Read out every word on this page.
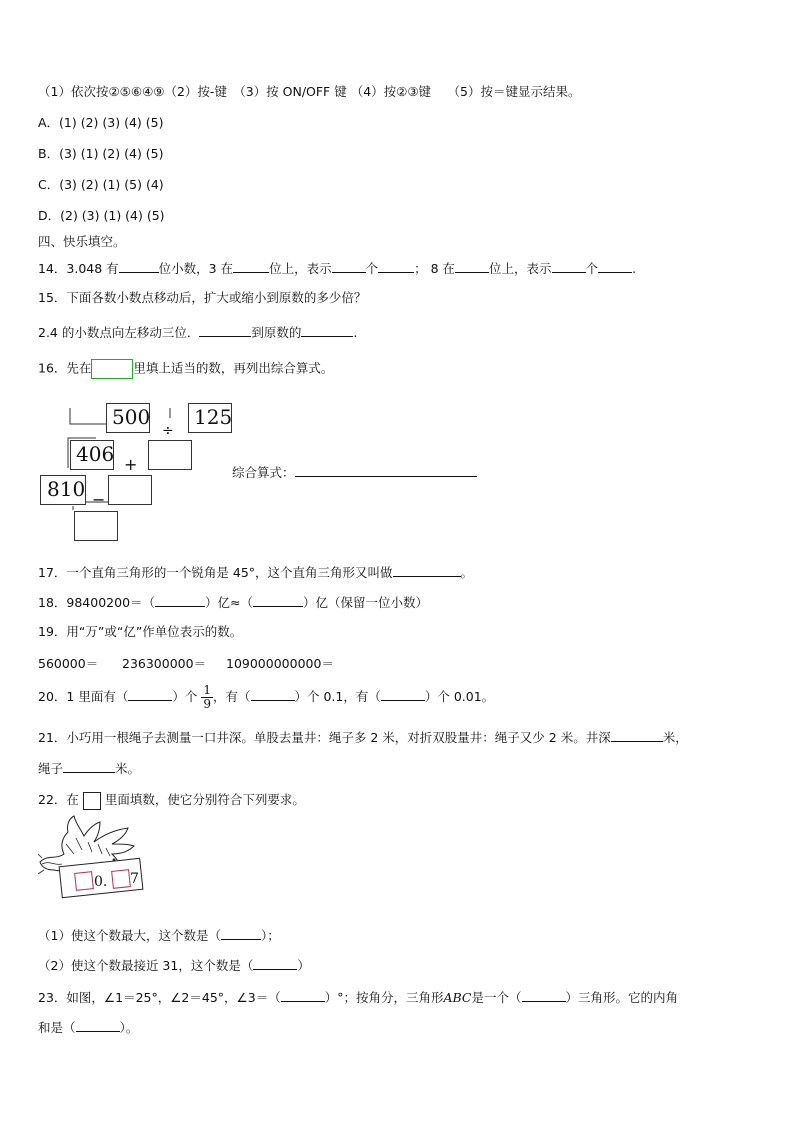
（1）依次按②⑤⑥④⑨（2）按-键　（3）按 ON/OFF 键 （4）按②③键　 （5）按＝键显示结果。
A．(1) (2) (3) (4) (5)
B．(3) (1) (2) (4) (5)
C．(3) (2) (1) (5) (4)
D．(2) (3) (1) (4) (5)
四、快乐填空。
14．3.048 有	位小数，3 在	位上，表示	个	； 8 在	位上，表示	个	.
15．下面各数小数点移动后，扩大或缩小到原数的多少倍？
2.4 的小数点向左移动三位．	到原数的	.
16．先在	里填上适当的数，再列出综合算式。
500
÷
125
406 +
810 −
综合算式：
17．一个直角三角形的一个锐角是 45°，这个直角三角形又叫做	。
18．98400200＝（	）亿≈（	）亿（保留一位小数）
19．用“万”或“亿”作单位表示的数。
560000＝ 236300000＝ 109000000000＝
20．1 里面有（	）个 $\frac{1}{9}$ ，有（	）个 0.1，有（	）个 0.01。
21．小巧用一根绳子去测量一口井深。单股去量井：绳子多 2 米，对折双股量井：绳子又少 2 米。井深	米，
绳子	米。
22．在 里面填数，使它分别符合下列要求。
0. 7
（1）使这个数最大，这个数是（	）；
（2）使这个数最接近 31，这个数是（	）
23．如图，∠1＝25°，∠2＝45°，∠3＝（	）°；按角分，三角形ABC是一个（	）三角形。它的内角
和是（	）。
